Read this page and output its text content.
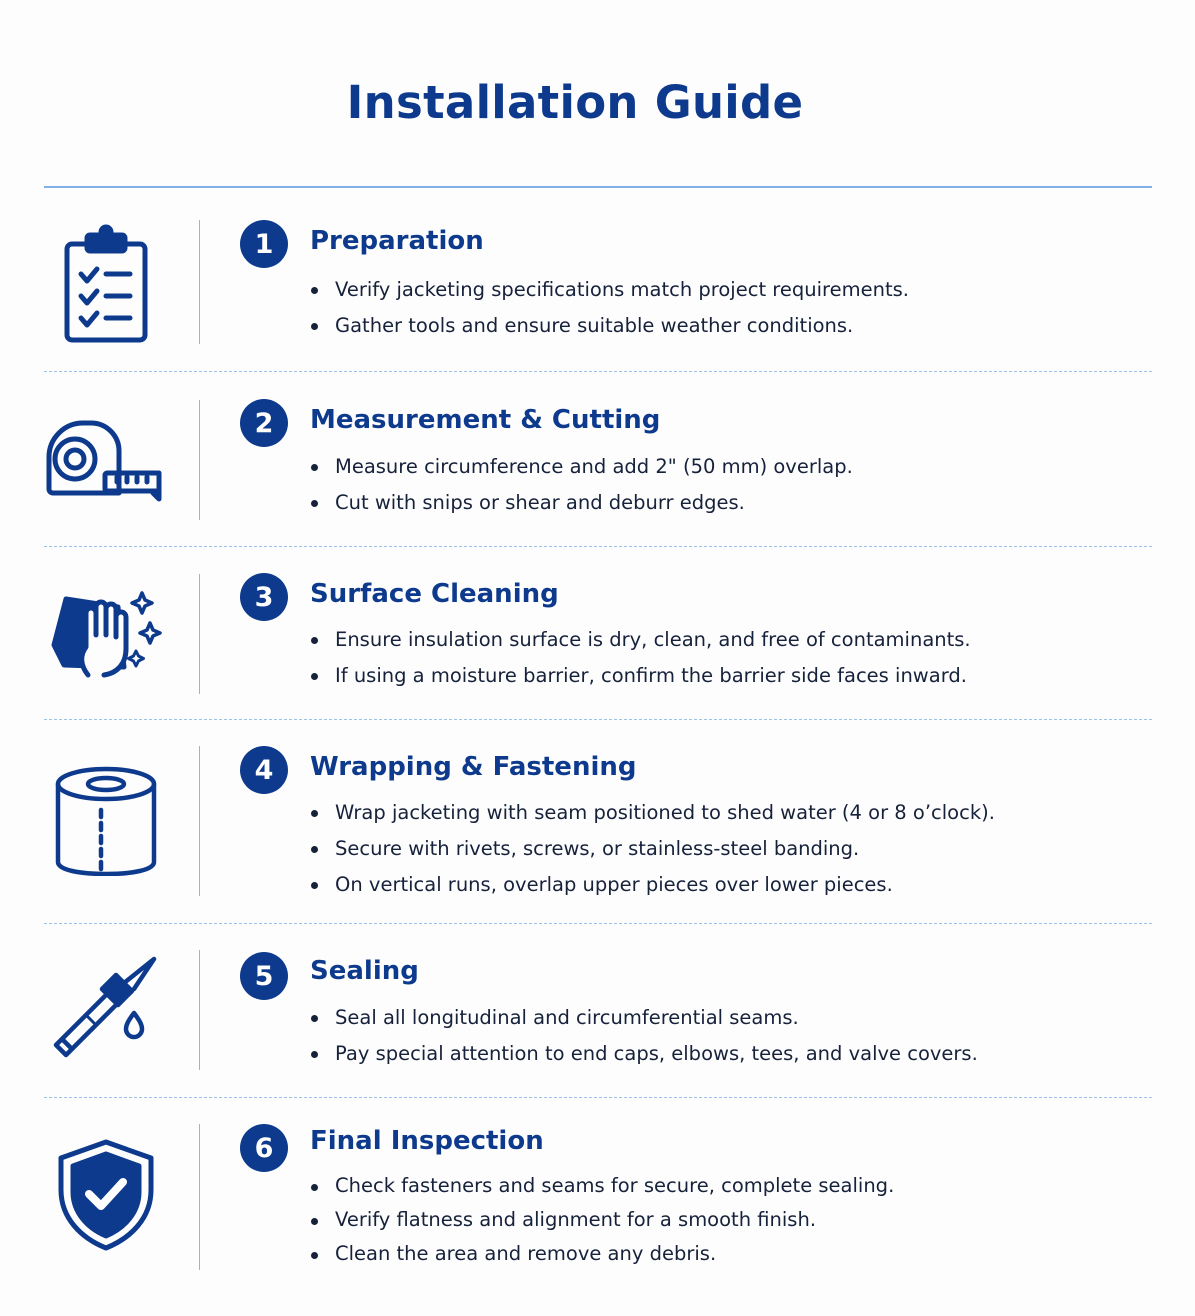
Installation Guide
1	Preparation
Verify jacketing specifications match project requirements.
Gather tools and ensure suitable weather conditions.
2	Measurement & Cutting
Measure circumference and add 2" (50 mm) overlap.
Cut with snips or shear and deburr edges.
3	Surface Cleaning
Ensure insulation surface is dry, clean, and free of contaminants.
If using a moisture barrier, confirm the barrier side faces inward.
4	Wrapping & Fastening
Wrap jacketing with seam positioned to shed water (4 or 8 o’clock).
Secure with rivets, screws, or stainless-steel banding.
On vertical runs, overlap upper pieces over lower pieces.
5	Sealing
Seal all longitudinal and circumferential seams.
Pay special attention to end caps, elbows, tees, and valve covers.
6	Final Inspection
Check fasteners and seams for secure, complete sealing.
Verify flatness and alignment for a smooth finish.
Clean the area and remove any debris.
